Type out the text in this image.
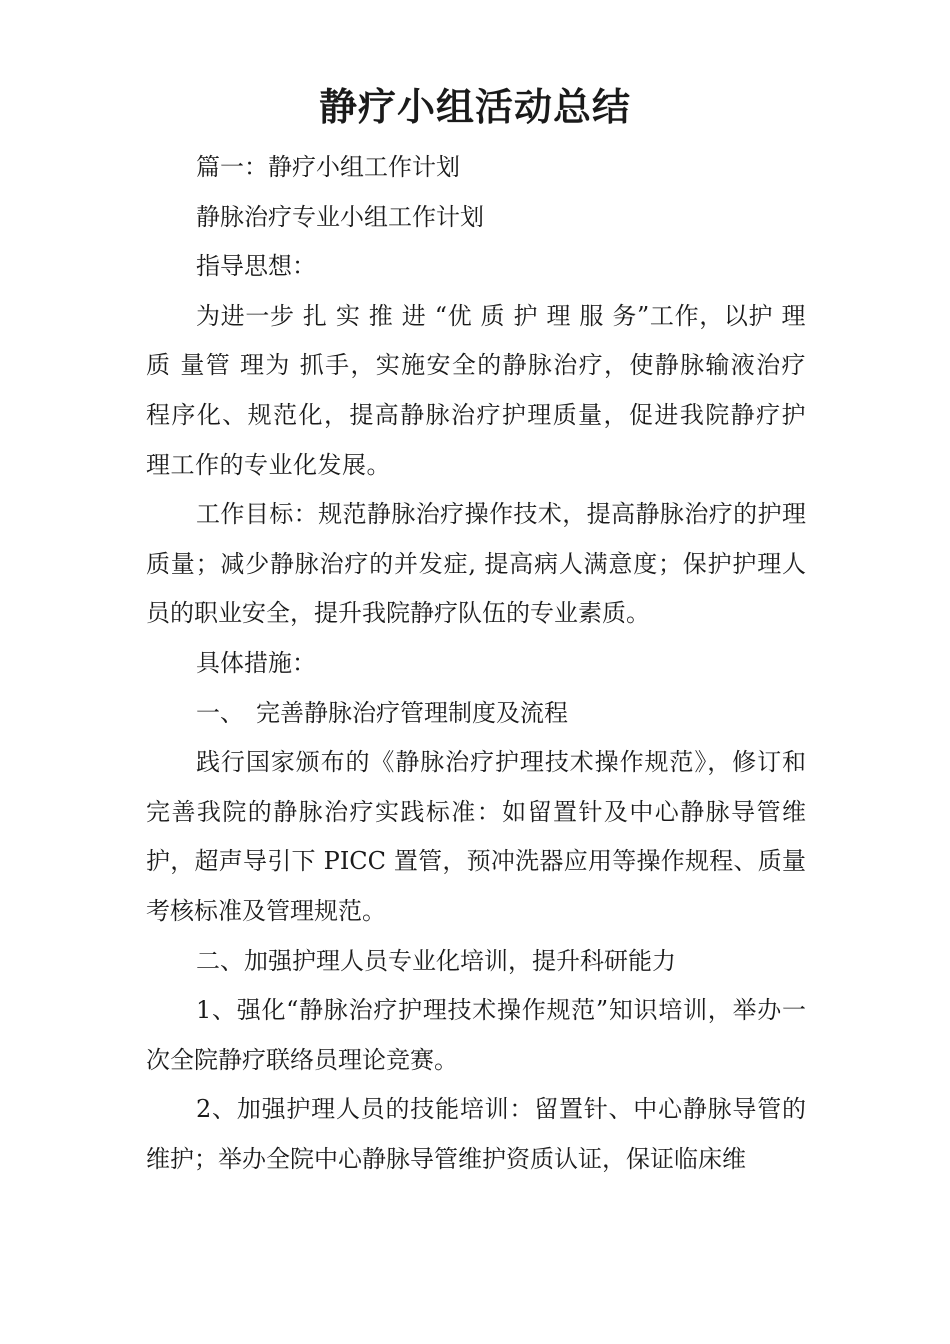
静疗小组活动总结

篇一：静疗小组工作计划

静脉治疗专业小组工作计划

指导思想：

为进一步 扎 实 推 进 “优 质 护 理 服 务”工作，以护 理 质 量管 理为 抓手，实施安全的静脉治疗，使静脉输液治疗程序化、规范化，提高静脉治疗护理质量，促进我院静疗护理工作的专业化发展。

工作目标：规范静脉治疗操作技术，提高静脉治疗的护理质量；减少静脉治疗的并发症, 提高病人满意度；保护护理人员的职业安全，提升我院静疗队伍的专业素质。

具体措施：

一、　完善静脉治疗管理制度及流程

践行国家颁布的《静脉治疗护理技术操作规范》，修订和完善我院的静脉治疗实践标准：如留置针及中心静脉导管维护，超声导引下 PICC 置管，预冲洗器应用等操作规程、质量考核标准及管理规范。

二、加强护理人员专业化培训，提升科研能力

1、强化“静脉治疗护理技术操作规范”知识培训，举办一次全院静疗联络员理论竞赛。

2、加强护理人员的技能培训：留置针、中心静脉导管的维护；举办全院中心静脉导管维护资质认证，保证临床维
